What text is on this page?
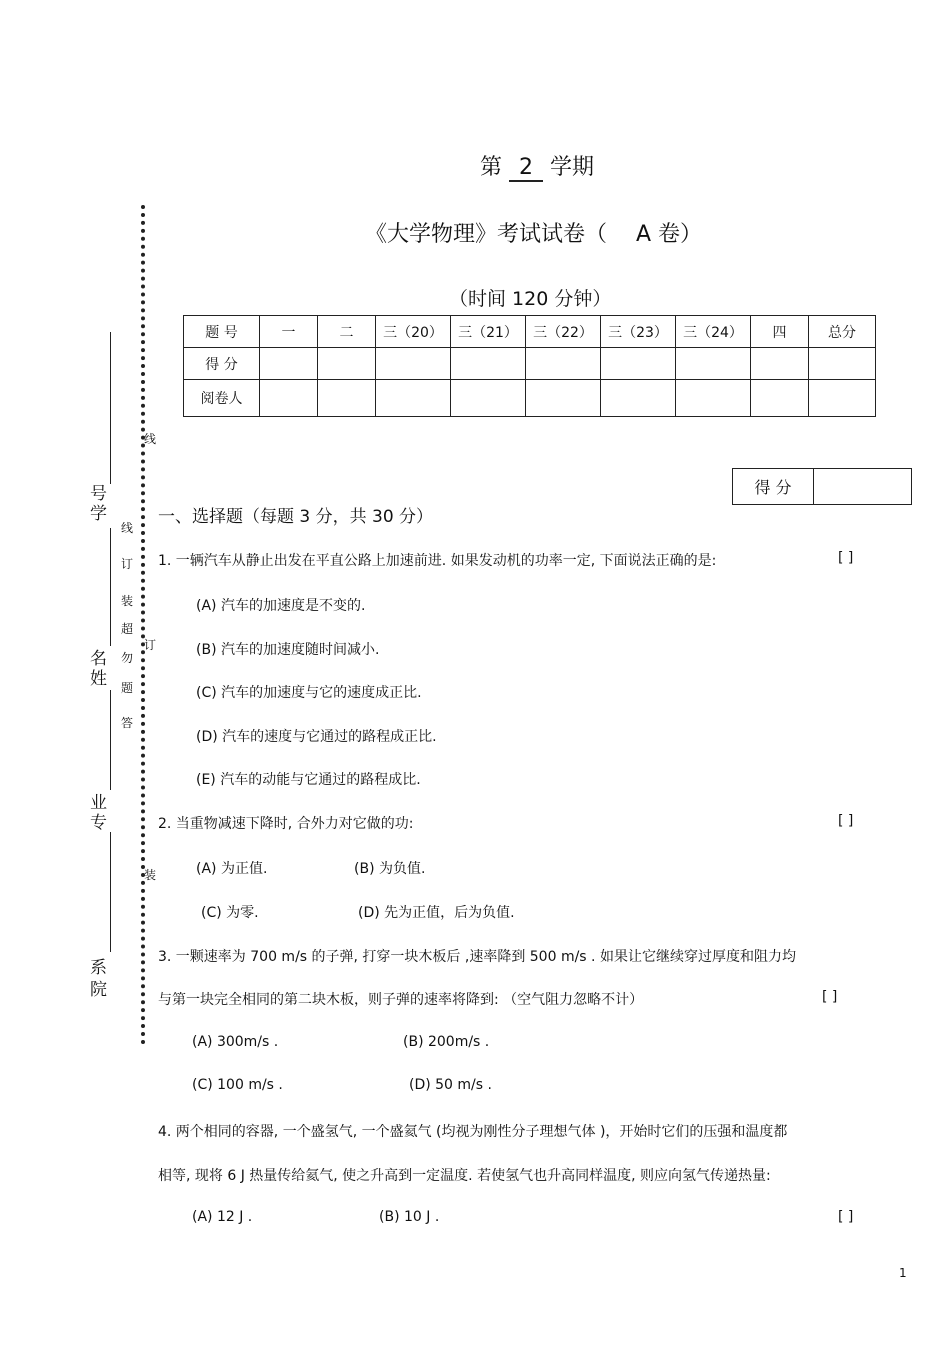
第 2 学期
《大学物理》考试试卷（ A 卷）
（时间 120 分钟）
线
订
装
线
订
装
超
勿
题
答
号
学
名
姓
业
专
系
院
题 号	一	二	三（20）	三（21）	三（22）	三（23）	三（24）	四	总分
得 分									
阅卷人									
得 分	
一、选择题（每题 3 分，共 30 分）
1. 一辆汽车从静止出发在平直公路上加速前进. 如果发动机的功率一定, 下面说法正确的是:	[ ]
(A) 汽车的加速度是不变的.
(B) 汽车的加速度随时间减小.
(C) 汽车的加速度与它的速度成正比.
(D) 汽车的速度与它通过的路程成正比.
(E) 汽车的动能与它通过的路程成比.
2. 当重物减速下降时, 合外力对它做的功:	[ ]
(A) 为正值.	(B) 为负值.
(C) 为零.	(D) 先为正值，后为负值.
3. 一颗速率为 700 m/s 的子弹, 打穿一块木板后 ,速率降到 500 m/s . 如果让它继续穿过厚度和阻力均
与第一块完全相同的第二块木板，则子弹的速率将降到: （空气阻力忽略不计）	[ ]
(A) 300m/s .	(B) 200m/s .
(C) 100 m/s .	(D) 50 m/s .
4. 两个相同的容器, 一个盛氢气, 一个盛氦气 (均视为刚性分子理想气体 )，开始时它们的压强和温度都
相等, 现将 6 J 热量传给氦气, 使之升高到一定温度. 若使氢气也升高同样温度, 则应向氢气传递热量:
(A) 12 J .	(B) 10 J .	[ ]
1
